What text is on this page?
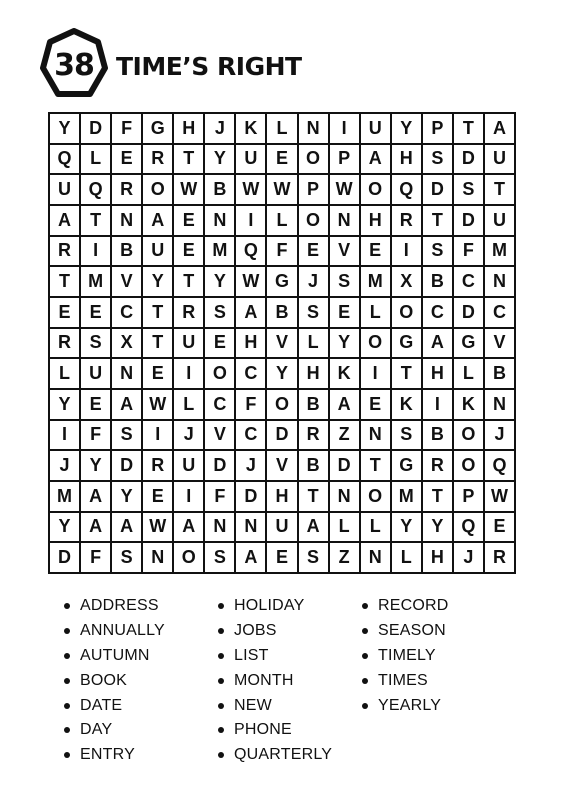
38 TIME’S RIGHT
Y	D	F	G H	J	K	L	N	I	U	Y	P	T	A
Q	L	E	R	T	Y	U	E	O	P	A	H	S	D	U
U Q R O W B W W P W O Q D	S	T
A	T	N	A	E	N	I	L	O N	H	R	T	D	U
R	I	B	U	E M Q	F	E	V	E	I	S	F	M
T	M V	Y	T	Y W G	J	S M X	B	C	N
E	E	C	T	R	S	A	B	S	E	L	O C	D	C
R	S	X	T	U	E	H	V	L	Y	O G A G	V
L	U	N	E	I	O C	Y	H	K	I	T	H	L	B
Y	E	A W L	C	F	O B	A	E	K	I	K	N
I	F	S	I	J	V	C	D	R	Z	N	S	B O	J
J	Y	D	R	U	D	J	V	B	D	T	G R O Q
M A	Y	E	I	F	D	H	T	N O M	T	P W
Y	A	A W A	N	N	U	A	L	L	Y	Y	Q	E
D	F	S	N O	S	A	E	S	Z	N	L	H	J	R
ADDRESS
ANNUALLY
AUTUMN
BOOK
DATE
DAY
ENTRY
HOLIDAY
JOBS
LIST
MONTH
NEW
PHONE
QUARTERLY
RECORD
SEASON
TIMELY
TIMES
YEARLY
